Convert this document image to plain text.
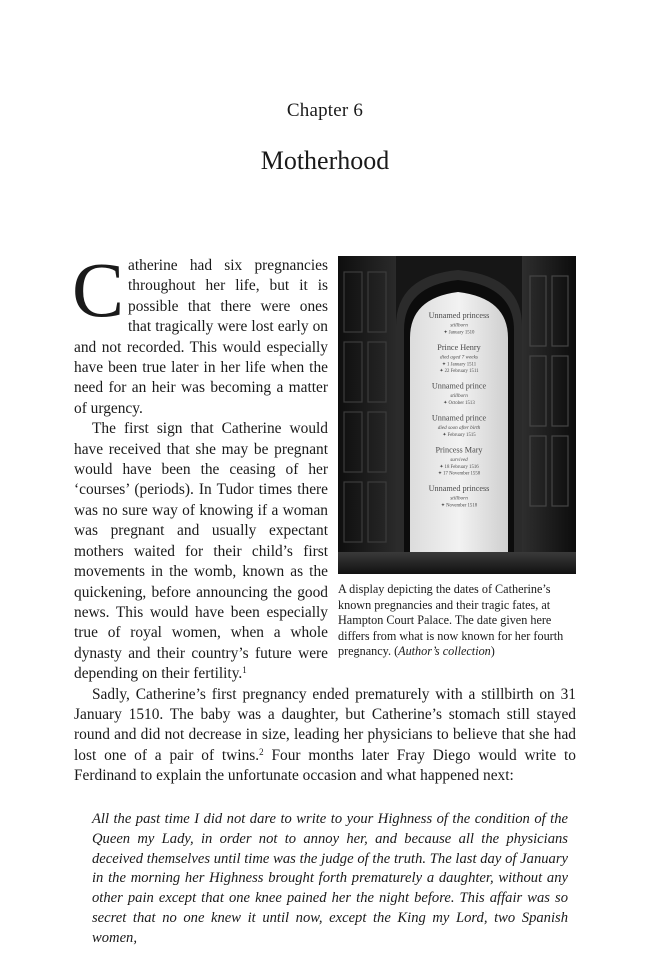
Chapter 6
Motherhood
Unnamed princess
stillborn
✦ January 1510
Prince Henry
died aged 7 weeks
✦ 1 January 1511
✦ 22 February 1511
Unnamed prince
stillborn
✦ October 1513
Unnamed prince
died soon after birth
✦ February 1515
Princess Mary
survived
✦ 18 February 1516
✦ 17 November 1558
Unnamed princess
stillborn
✦ November 1518
A display depicting the dates of Catherine’s known pregnancies and their tragic fates, at Hampton Court Palace. The date given here differs from what is now known for her fourth pregnancy. (Author’s collection)

Catherine had six pregnancies throughout her life, but it is possible that there were ones that tragically were lost early on and not recorded. This would especially have been true later in her life when the need for an heir was becoming a matter of urgency.

The first sign that Catherine would have received that she may be pregnant would have been the ceasing of her ‘courses’ (periods). In Tudor times there was no sure way of knowing if a woman was pregnant and usually expectant mothers waited for their child’s first movements in the womb, known as the quickening, before announcing the good news. This would have been especially true of royal women, when a whole dynasty and their country’s future were depending on their fertility.$^1$

Sadly, Catherine’s first pregnancy ended prematurely with a stillbirth on 31 January 1510. The baby was a daughter, but Catherine’s stomach still stayed round and did not decrease in size, leading her physicians to believe that she had lost one of a pair of twins.$^2$ Four months later Fray Diego would write to Ferdinand to explain the unfortunate occasion and what happened next:

All the past time I did not dare to write to your Highness of the condition of the Queen my Lady, in order not to annoy her, and because all the physicians deceived themselves until time was the judge of the truth. The last day of January in the morning her Highness brought forth prematurely a daughter, without any other pain except that one knee pained her the night before. This affair was so secret that no one knew it until now, except the King my Lord, two Spanish women,
